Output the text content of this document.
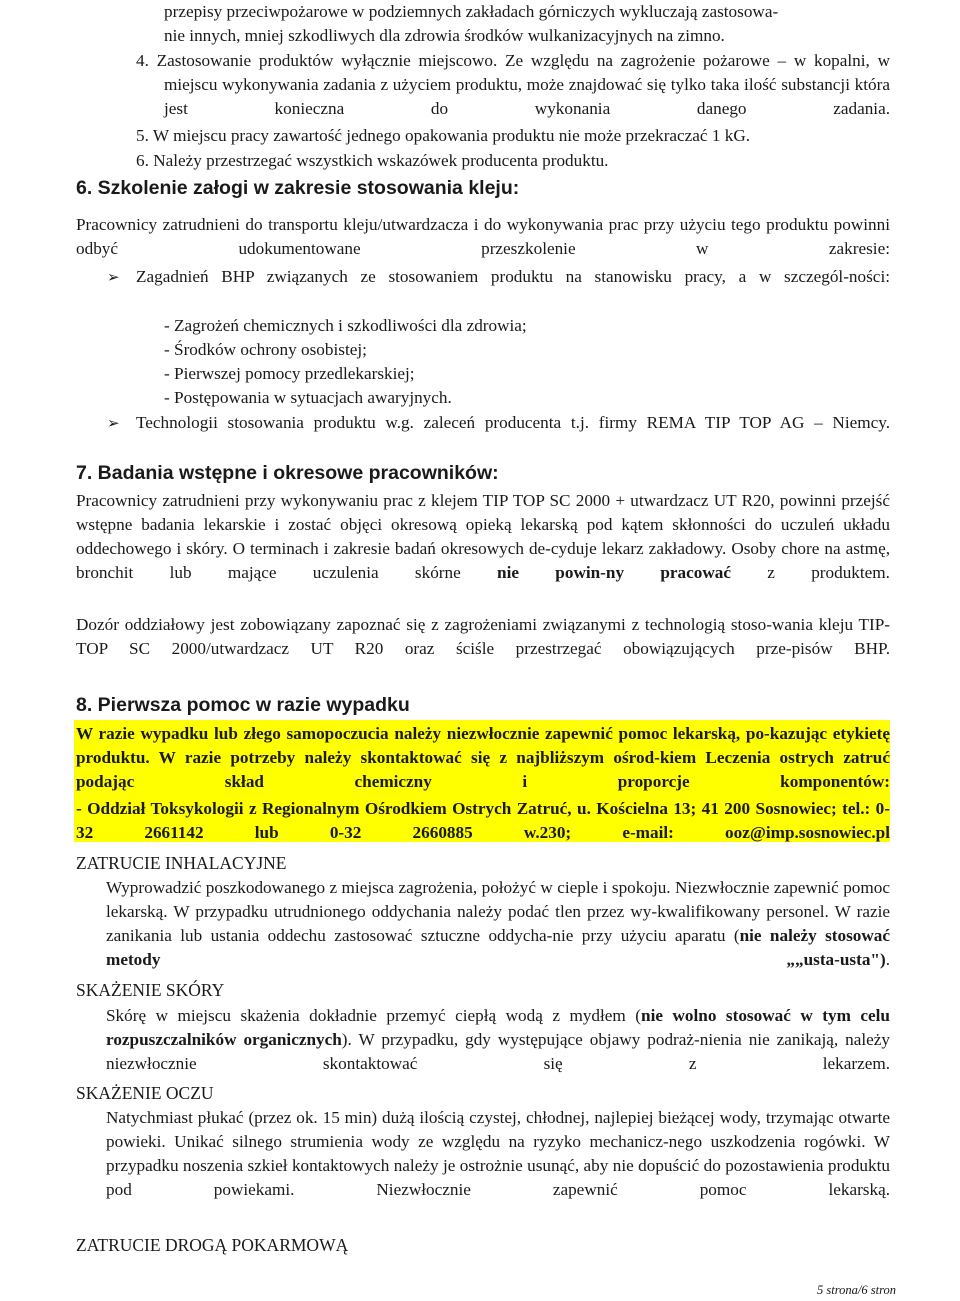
przepisy przeciwpożarowe w podziemnych zakładach górniczych wykluczają zastosowa-

nie innych, mniej szkodliwych dla zdrowia środków wulkanizacyjnych na zimno.

4. Zastosowanie produktów wyłącznie miejscowo. Ze względu na zagrożenie pożarowe – w kopalni, w miejscu wykonywania zadania z użyciem produktu, może znajdować się tylko taka ilość substancji która jest konieczna do wykonania danego zadania.

5. W miejscu pracy zawartość jednego opakowania produktu nie może przekraczać 1 kG.

6. Należy przestrzegać wszystkich wskazówek producenta produktu.

6. Szkolenie załogi w zakresie stosowania kleju:

Pracownicy zatrudnieni do transportu kleju/utwardzacza i do wykonywania prac przy użyciu tego produktu powinni odbyć udokumentowane przeszkolenie w zakresie:

➢ Zagadnień BHP związanych ze stosowaniem produktu na stanowisku pracy, a w szczegól-ności:

- Zagrożeń chemicznych i szkodliwości dla zdrowia;

- Środków ochrony osobistej;

- Pierwszej pomocy przedlekarskiej;

- Postępowania w sytuacjach awaryjnych.

➢ Technologii stosowania produktu w.g. zaleceń producenta t.j. firmy REMA TIP TOP AG – Niemcy.

7. Badania wstępne i okresowe pracowników:

Pracownicy zatrudnieni przy wykonywaniu prac z klejem TIP TOP SC 2000 + utwardzacz UT R20, powinni przejść wstępne badania lekarskie i zostać objęci okresową opieką lekarską pod kątem skłonności do uczuleń układu oddechowego i skóry. O terminach i zakresie badań okresowych de-cyduje lekarz zakładowy. Osoby chore na astmę, bronchit lub mające uczulenia skórne nie powin-ny pracować z produktem.

Dozór oddziałowy jest zobowiązany zapoznać się z zagrożeniami związanymi z technologią stoso-wania kleju TIP-TOP SC 2000/utwardzacz UT R20 oraz ściśle przestrzegać obowiązujących prze-pisów BHP.

8. Pierwsza pomoc w razie wypadku

W razie wypadku lub złego samopoczucia należy niezwłocznie zapewnić pomoc lekarską, po-kazując etykietę produktu. W razie potrzeby należy skontaktować się z najbliższym ośrod-kiem Leczenia ostrych zatruć podając skład chemiczny i proporcje komponentów:

- Oddział Toksykologii z Regionalnym Ośrodkiem Ostrych Zatruć, u. Kościelna 13; 41 200 Sosnowiec; tel.: 0-32 2661142 lub 0-32 2660885 w.230; e-mail: ooz@imp.sosnowiec.pl

ZATRUCIE INHALACYJNE

Wyprowadzić poszkodowanego z miejsca zagrożenia, położyć w cieple i spokoju. Niezwłocznie zapewnić pomoc lekarską. W przypadku utrudnionego oddychania należy podać tlen przez wy-kwalifikowany personel. W razie zanikania lub ustania oddechu zastosować sztuczne oddycha-nie przy użyciu aparatu (nie należy stosować metody „„usta-usta").

SKAŻENIE SKÓRY

Skórę w miejscu skażenia dokładnie przemyć ciepłą wodą z mydłem (nie wolno stosować w tym celu rozpuszczalników organicznych). W przypadku, gdy występujące objawy podraż-nienia nie zanikają, należy niezwłocznie skontaktować się z lekarzem.

SKAŻENIE OCZU

Natychmiast płukać (przez ok. 15 min) dużą ilością czystej, chłodnej, najlepiej bieżącej wody, trzymając otwarte powieki. Unikać silnego strumienia wody ze względu na ryzyko mechanicz-nego uszkodzenia rogówki. W przypadku noszenia szkieł kontaktowych należy je ostrożnie usunąć, aby nie dopuścić do pozostawienia produktu pod powiekami. Niezwłocznie zapewnić pomoc lekarską.

ZATRUCIE DROGĄ POKARMOWĄ
5 strona/6 stron
